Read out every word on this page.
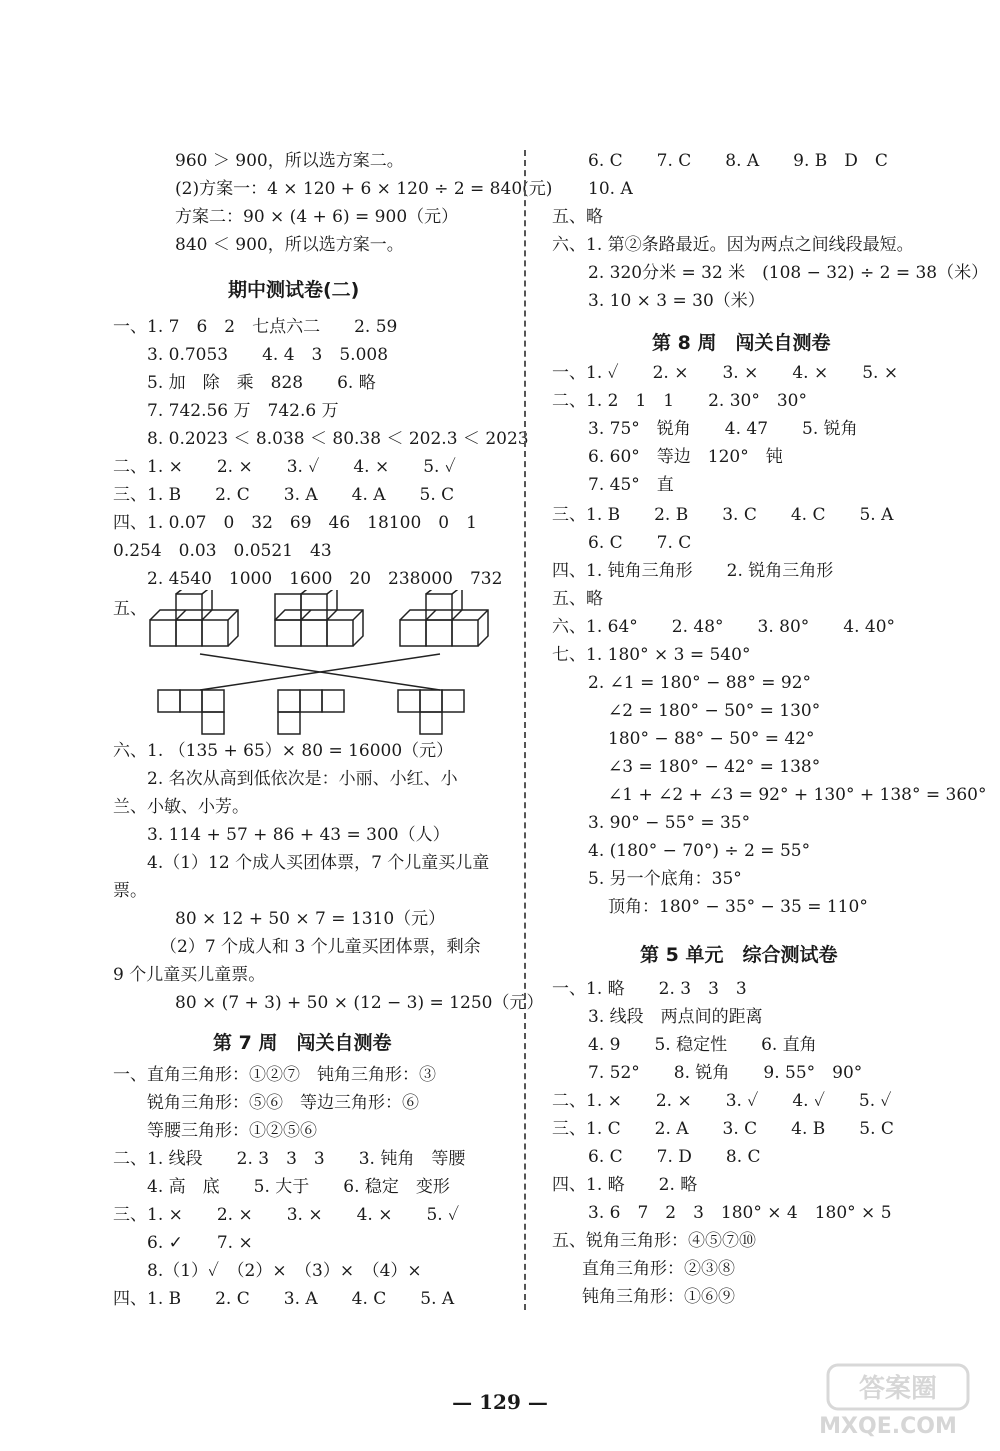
960 ＞ 900，所以选方案二。
(2)方案一：4 × 120 + 6 × 120 ÷ 2 = 840(元)
方案二：90 × (4 + 6) = 900（元）
840 ＜ 900，所以选方案一。
一、1. 7　6　2　七点六二　　2. 59
3. 0.7053　　4. 4　3　5.008
5. 加　除　乘　828　　6. 略
7. 742.56 万　742.6 万
8. 0.2023 ＜ 8.038 ＜ 80.38 ＜ 202.3 ＜ 2023
二、1. ×　　2. ×　　3. ✓　　4. ×　　5. ✓
三、1. B　　2. C　　3. A　　4. A　　5. C
四、1. 0.07　0　32　69　46　18100　0　1
0.254　0.03　0.0521　43
2. 4540　1000　1600　20　238000　732
五、
六、1. （135 + 65）× 80 = 16000（元）
2. 名次从高到低依次是：小丽、小红、小
兰、小敏、小芳。
3. 114 + 57 + 86 + 43 = 300（人）
4.（1）12 个成人买团体票，7 个儿童买儿童
票。
80 × 12 + 50 × 7 = 1310（元）
（2）7 个成人和 3 个儿童买团体票，剩余
9 个儿童买儿童票。
80 × (7 + 3) + 50 × (12 − 3) = 1250（元）
一、直角三角形：①②⑦　钝角三角形：③
锐角三角形：⑤⑥　等边三角形：⑥
等腰三角形：①②⑤⑥
二、1. 线段　　2. 3　3　3　　3. 钝角　等腰
4. 高　底　　5. 大于　　6. 稳定　变形
三、1. ×　　2. ×　　3. ×　　4. ×　　5. ✓
6. ✓　　7. ×
8.（1）✓　（2）×　（3）×　（4）×
四、1. B　　2. C　　3. A　　4. C　　5. A
期中测试卷(二)
第 7 周　闯关自测卷
6. C　　7. C　　8. A　　9. B　D　C
10. A
五、略
六、1. 第②条路最近。因为两点之间线段最短。
2. 320分米 = 32 米　(108 − 32) ÷ 2 = 38（米）
3. 10 × 3 = 30（米）
一、1. ✓　　2. ×　　3. ×　　4. ×　　5. ×
二、1. 2　1　1　　2. 30°　30°
3. 75°　锐角　　4. 47　　5. 锐角
6. 60°　等边　120°　钝
7. 45°　直
三、1. B　　2. B　　3. C　　4. C　　5. A
6. C　　7. C
四、1. 钝角三角形　　2. 锐角三角形
五、略
六、1. 64°　　2. 48°　　3. 80°　　4. 40°
七、1. 180° × 3 = 540°
2. ∠1 = 180° − 88° = 92°
∠2 = 180° − 50° = 130°
180° − 88° − 50° = 42°
∠3 = 180° − 42° = 138°
∠1 + ∠2 + ∠3 = 92° + 130° + 138° = 360°
3. 90° − 55° = 35°
4. (180° − 70°) ÷ 2 = 55°
5. 另一个底角：35°
顶角：180° − 35° − 35 = 110°
一、1. 略　　2. 3　3　3
3. 线段　两点间的距离
4. 9　　5. 稳定性　　6. 直角
7. 52°　　8. 锐角　　9. 55°　90°
二、1. ×　　2. ×　　3. ✓　　4. ✓　　5. ✓
三、1. C　　2. A　　3. C　　4. B　　5. C
6. C　　7. D　　8. C
四、1. 略　　2. 略
3. 6　7　2　3　180° × 4　180° × 5
五、锐角三角形：④⑤⑦⑩
直角三角形：②③⑧
钝角三角形：①⑥⑨
第 8 周　闯关自测卷
第 5 单元　综合测试卷
— 129 —	答案圈
MXQE.COM
